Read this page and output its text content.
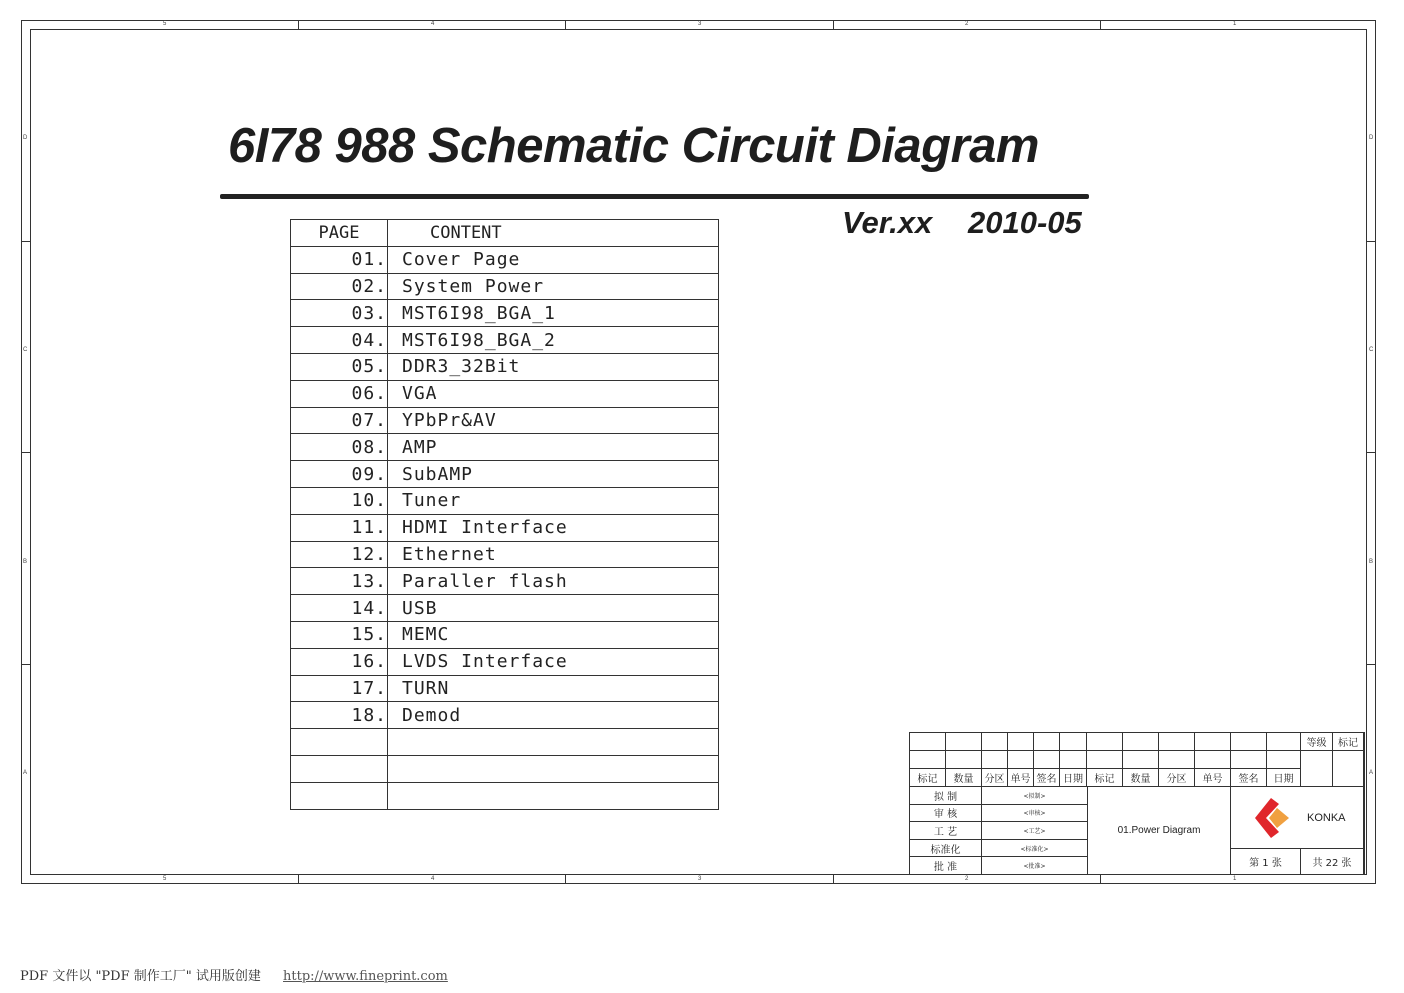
5
5
4
4
3
3
2
2
1
1
D	D
C	C
B	B
A	A
6I78 988 Schematic Circuit Diagram
Ver.xx 2010-05
PAGE	CONTENT
01.	Cover Page
02.	System Power
03.	MST6I98_BGA_1
04.	MST6I98_BGA_2
05.	DDR3_32Bit
06.	VGA
07.	YPbPr&AV
08.	AMP
09.	SubAMP
10.	Tuner
11.	HDMI Interface
12.	Ethernet
13.	Paraller flash
14.	USB
15.	MEMC
16.	LVDS Interface
17.	TURN
18.	Demod

标记	数量	分区 单号 签名 日期	标记	数量	分区	单号	签名	日期
等级	标记
拟 制	<拟制>
审 核	<审核>
工 艺	<工艺>
标准化	<标准化>
批 准	<批准>
01.Power Diagram
KONKA
第 1 张	共 22 张
PDF 文件以 "PDF 制作工厂" 试用版创建 http://www.fineprint.com
